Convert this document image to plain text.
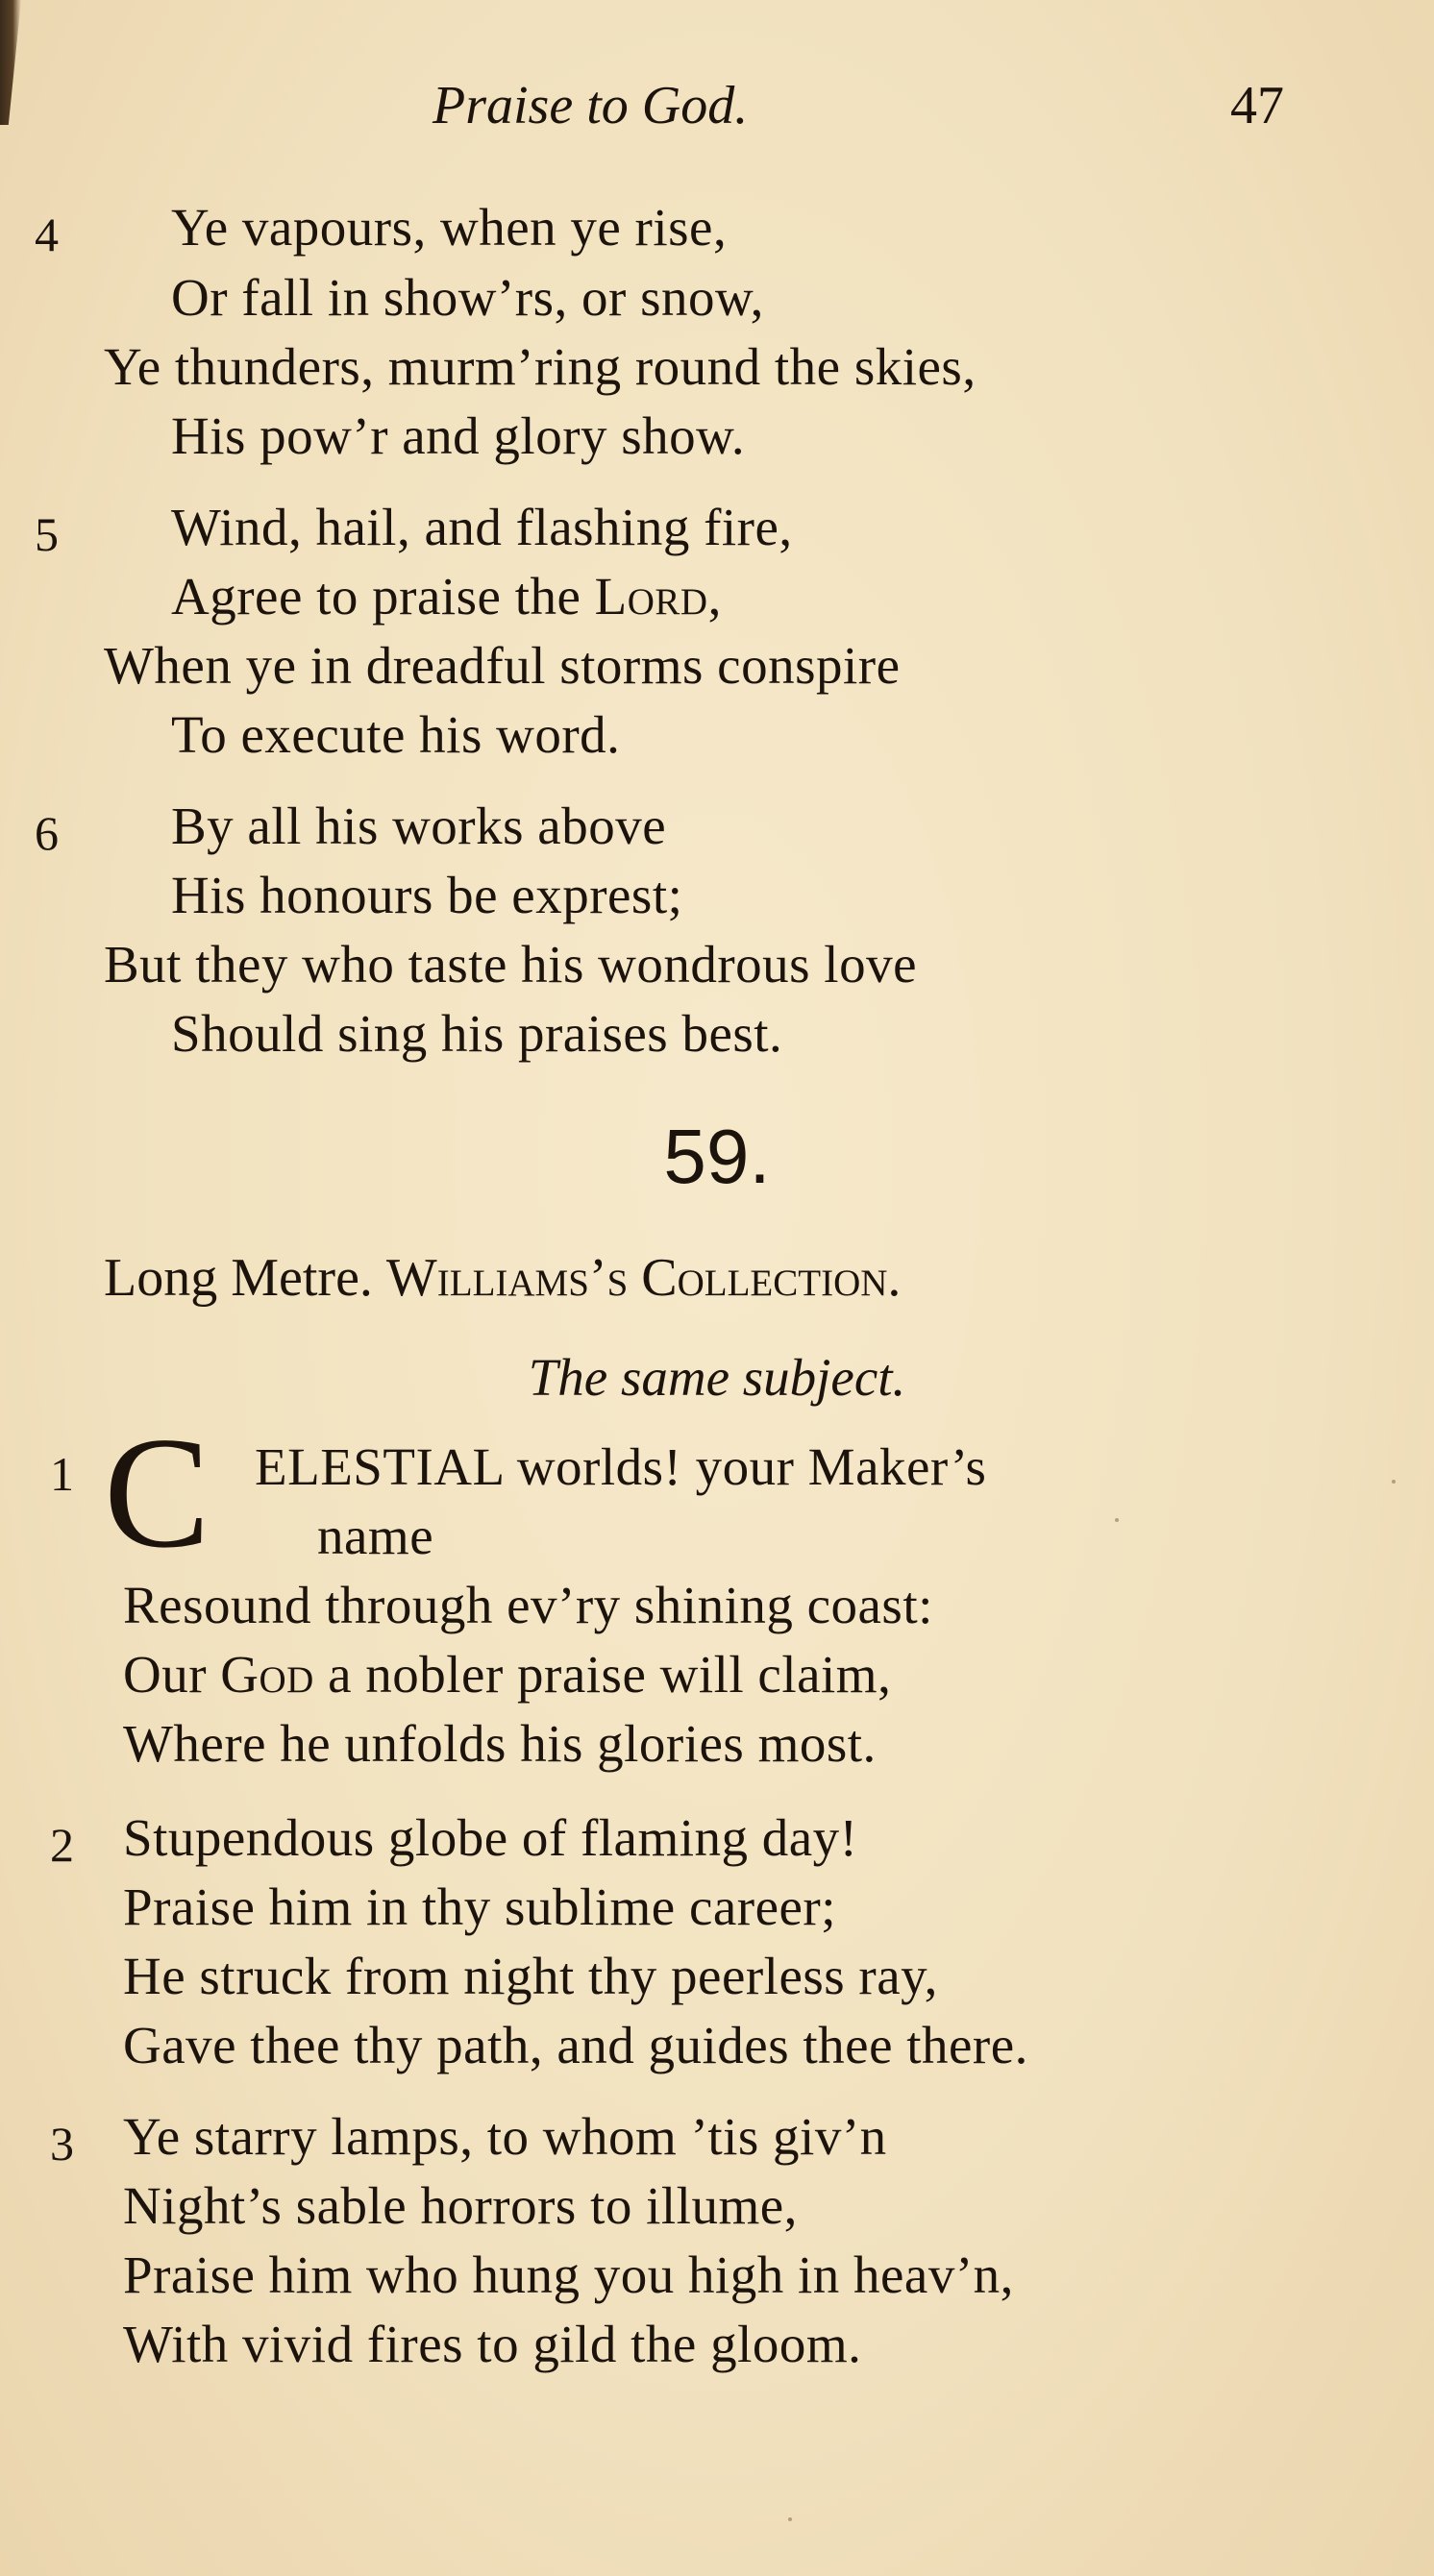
Praise to God.	47
4 Ye vapours, when ye rise,
Or fall in show’rs, or snow,
Ye thunders, murm’ring round the skies,
His pow’r and glory show.
5 Wind, hail, and flashing fire,
Agree to praise the Lord,
When ye in dreadful storms conspire
To execute his word.
6 By all his works above
His honours be exprest;
But they who taste his wondrous love
Should sing his praises best.
59.
Long Metre. Williams’s Collection.
The same subject.
1 C ELESTIAL worlds! your Maker’s
name
Resound through ev’ry shining coast:
Our God a nobler praise will claim,
Where he unfolds his glories most.
2 Stupendous globe of flaming day!
Praise him in thy sublime career;
He struck from night thy peerless ray,
Gave thee thy path, and guides thee there.
3 Ye starry lamps, to whom ’tis giv’n
Night’s sable horrors to illume,
Praise him who hung you high in heav’n,
With vivid fires to gild the gloom.
